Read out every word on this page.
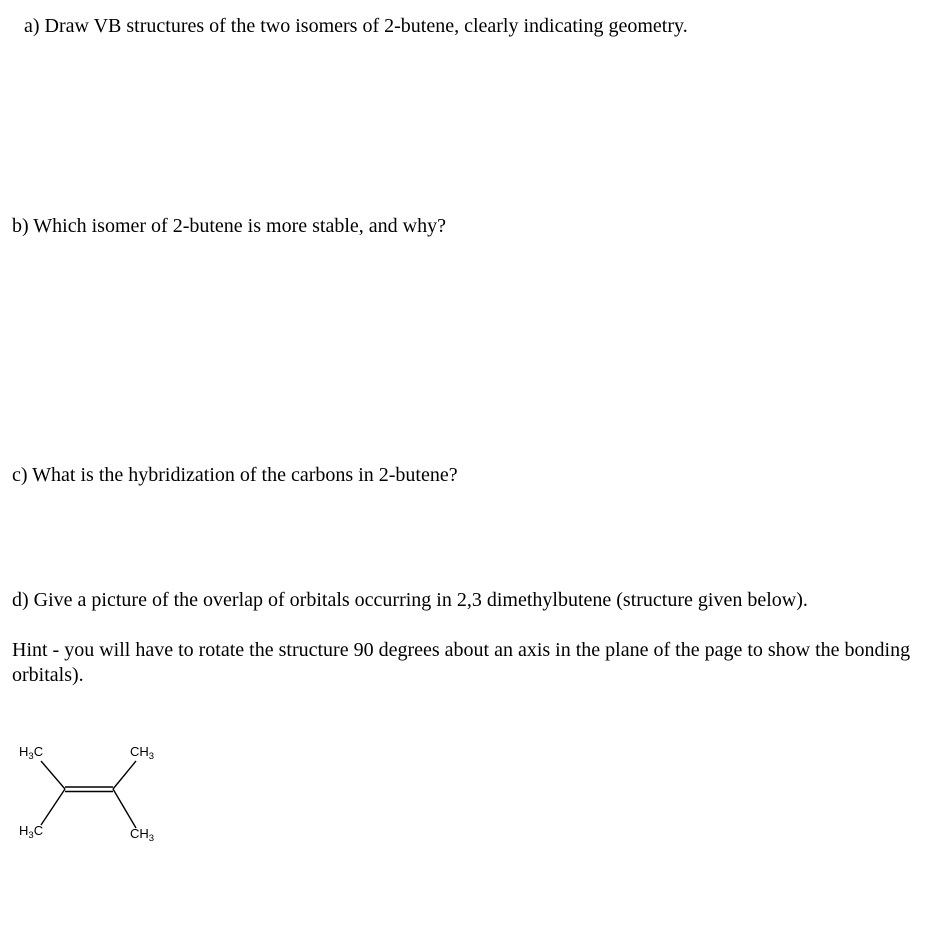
a) Draw VB structures of the two isomers of 2-butene, clearly indicating geometry.

b) Which isomer of 2-butene is more stable, and why?

c) What is the hybridization of the carbons in 2-butene?

d) Give a picture of the overlap of orbitals occurring in 2,3 dimethylbutene (structure given below).

Hint - you will have to rotate the structure 90 degrees about an axis in the plane of the page to show the bonding orbitals).

$H_3C$	$CH_3$
$H_3C$	$CH_3$
